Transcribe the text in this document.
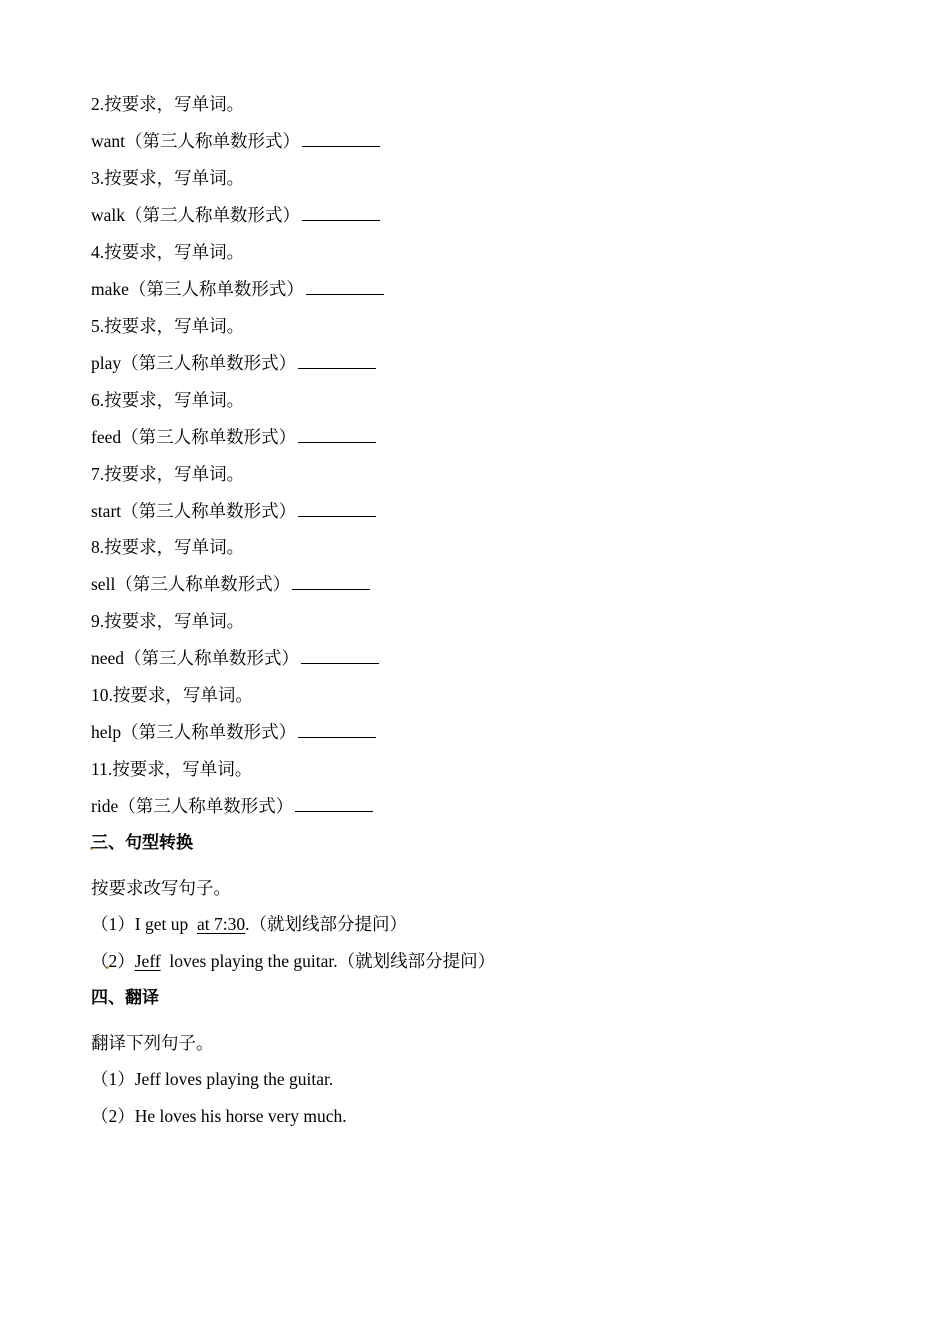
2.按要求，写单词。
want（第三人称单数形式）
3.按要求，写单词。
walk（第三人称单数形式）
4.按要求，写单词。
make（第三人称单数形式）
5.按要求，写单词。
play（第三人称单数形式）
6.按要求，写单词。
feed（第三人称单数形式）
7.按要求，写单词。
start（第三人称单数形式）
8.按要求，写单词。
sell（第三人称单数形式）
9.按要求，写单词。
need（第三人称单数形式）
10.按要求，写单词。
help（第三人称单数形式）
11.按要求，写单词。
ride（第三人称单数形式）
三、句型转换
按要求改写句子。
（1）I get up  at 7:30.（就划线部分提问）
（2）Jeff  loves playing the guitar.（就划线部分提问）
四、翻译
翻译下列句子。
（1）Jeff loves playing the guitar.
（2）He loves his horse very much.
